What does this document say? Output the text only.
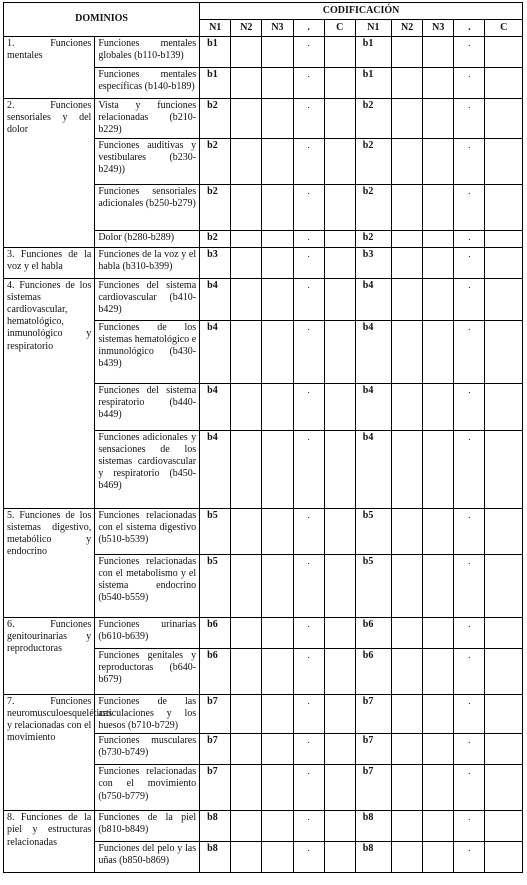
DOMINIOS		CODIFICACIÓN									
		N1	N2	N3	.	C	N1	N2	N3	.	C
1. Funciones mentales	Funciones mentales globales (b110-b139)	b1			.		b1			.	
	Funciones mentales específicas (b140-b189)	b1			.		b1			.	
2. Funciones sensoriales y del dolor	Vista y funciones relacionadas (b210-b229)	b2			.		b2			.	
	Funciones auditivas y vestibulares (b230-b249))	b2			.		b2			.	
	Funciones sensoriales adicionales (b250-b279)	b2			.		b2			.	
	Dolor (b280-b289)	b2			.		b2			.	
3. Funciones de la voz y el habla	Funciones de la voz y el habla (b310-b399)	b3			.		b3			.	
4. Funciones de los sistemas cardiovascular, hematológico, inmunológico y respiratorio	Funciones del sistema cardiovascular (b410-b429)	b4			.		b4			.	
	Funciones de los sistemas hematológico e inmunológico (b430-b439)	b4			.		b4			.	
	Funciones del sistema respiratorio (b440-b449)	b4			.		b4			.	
	Funciones adicionales y sensaciones de los sistemas cardiovascular y respiratorio (b450-b469)	b4			.		b4			.	
5. Funciones de los sistemas digestivo, metabólico y endocrino	Funciones relacionadas con el sistema digestivo (b510-b539)	b5			.		b5			.	
	Funciones relacionadas con el metabolismo y el sistema endocrino (b540-b559)	b5			.		b5			.	
6. Funciones genitourinarias y reproductoras	Funciones urinarias (b610-b639)	b6			.		b6			.	
	Funciones genitales y reproductoras (b640-b679)	b6			.		b6			.	
7. Funciones neuromusculoesqueléticas y relacionadas con el movimiento	Funciones de las articulaciones y los huesos (b710-b729)	b7			.		b7			.	
	Funciones musculares (b730-b749)	b7			.		b7			.	
	Funciones relacionadas con el movimiento (b750-b779)	b7			.		b7			.	
8. Funciones de la piel y estructuras relacionadas	Funciones de la piel (b810-b849)	b8			.		b8			.	
	Funciones del pelo y las uñas (b850-b869)	b8			.		b8			.	
